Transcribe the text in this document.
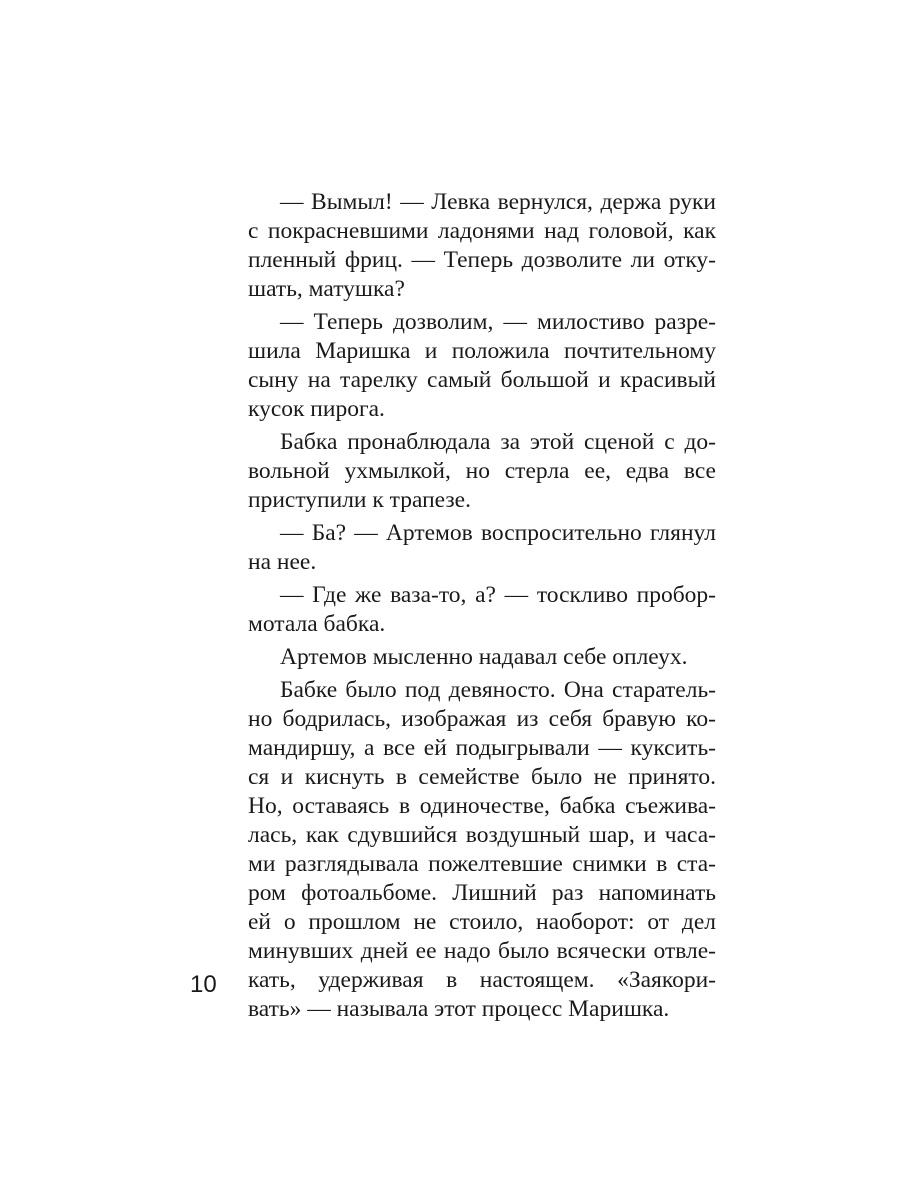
— Вымыл! — Левка вернулся, держа руки
с покрасневшими ладонями над головой, как
пленный фриц. — Теперь дозволите ли отку-
шать, матушка?
— Теперь дозволим, — милостиво разре-
шила Маришка и положила почтительному
сыну на тарелку самый большой и красивый
кусок пирога.
Бабка пронаблюдала за этой сценой с до-
вольной ухмылкой, но стерла ее, едва все
приступили к трапезе.
— Ба? — Артемов воспросительно глянул
на нее.
— Где же ваза-то, а? — тоскливо пробор-
мотала бабка.
Артемов мысленно надавал себе оплеух.
Бабке было под девяносто. Она старатель-
но бодрилась, изображая из себя бравую ко-
мандиршу, а все ей подыгрывали — куксить-
ся и киснуть в семействе было не принято.
Но, оставаясь в одиночестве, бабка съежива-
лась, как сдувшийся воздушный шар, и часа-
ми разглядывала пожелтевшие снимки в ста-
ром фотоальбоме. Лишний раз напоминать
ей о прошлом не стоило, наоборот: от дел
минувших дней ее надо было всячески отвле-
кать, удерживая в настоящем. «Заякори-
вать» — называла этот процесс Маришка.
10
